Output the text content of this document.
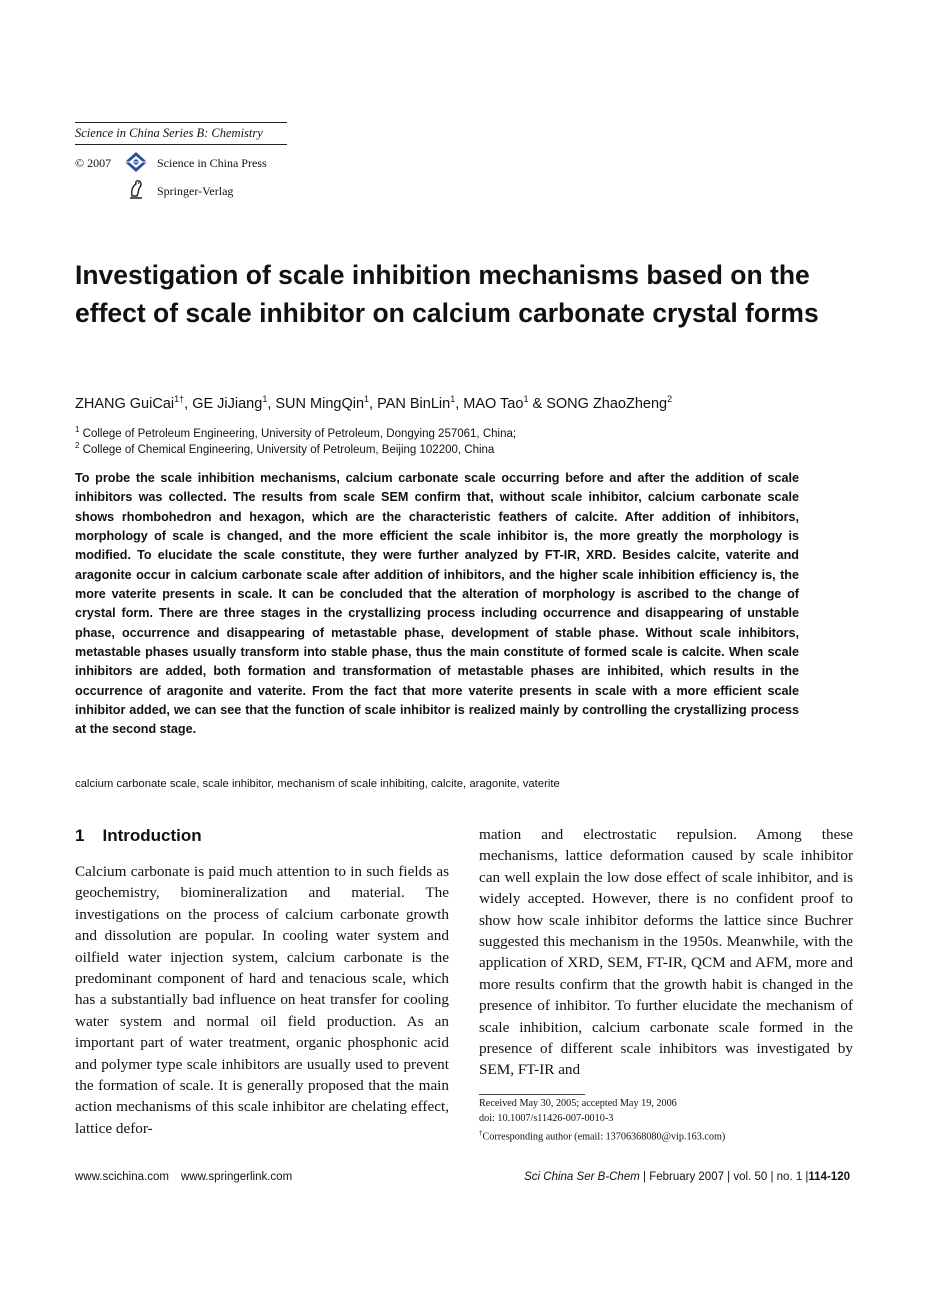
Science in China Series B: Chemistry
© 2007	Science in China Press
Springer-Verlag
Investigation of scale inhibition mechanisms based on the effect of scale inhibitor on calcium carbonate crystal forms
ZHANG GuiCai$^{1\dagger}$, GE JiJiang$^1$, SUN MingQin$^1$, PAN BinLin$^1$, MAO Tao$^1$ & SONG ZhaoZheng$^2$
$^1$ College of Petroleum Engineering, University of Petroleum, Dongying 257061, China;
$^2$ College of Chemical Engineering, University of Petroleum, Beijing 102200, China

To probe the scale inhibition mechanisms, calcium carbonate scale occurring before and after the addition of scale inhibitors was collected. The results from scale SEM confirm that, without scale inhibitor, calcium carbonate scale shows rhombohedron and hexagon, which are the characteristic feathers of calcite. After addition of inhibitors, morphology of scale is changed, and the more efficient the scale inhibitor is, the more greatly the morphology is modified. To elucidate the scale constitute, they were further analyzed by FT-IR, XRD. Besides calcite, vaterite and aragonite occur in calcium carbonate scale after addition of inhibitors, and the higher scale inhibition efficiency is, the more vaterite presents in scale. It can be concluded that the alteration of morphology is ascribed to the change of crystal form. There are three stages in the crystallizing process including occurrence and disappearing of unstable phase, occurrence and disappearing of metastable phase, development of stable phase. Without scale inhibitors, metastable phases usually transform into stable phase, thus the main constitute of formed scale is calcite. When scale inhibitors are added, both formation and transformation of metastable phases are inhibited, which results in the occurrence of aragonite and vaterite. From the fact that more vaterite presents in scale with a more efficient scale inhibitor added, we can see that the function of scale inhibitor is realized mainly by controlling the crystallizing process at the second stage.

calcium carbonate scale, scale inhibitor, mechanism of scale inhibiting, calcite, aragonite, vaterite
1 Introduction

Calcium carbonate is paid much attention to in such fields as geochemistry, biomineralization and material. The investigations on the process of calcium carbonate growth and dissolution are popular. In cooling water system and oilfield water injection system, calcium carbonate is the predominant component of hard and tenacious scale, which has a substantially bad influence on heat transfer for cooling water system and normal oil field production. As an important part of water treatment, organic phosphonic acid and polymer type scale inhibitors are usually used to prevent the formation of scale. It is generally proposed that the main action mechanisms of this scale inhibitor are chelating effect, lattice defor-

mation and electrostatic repulsion. Among these mechanisms, lattice deformation caused by scale inhibitor can well explain the low dose effect of scale inhibitor, and is widely accepted. However, there is no confident proof to show how scale inhibitor deforms the lattice since Buchrer suggested this mechanism in the 1950s. Meanwhile, with the application of XRD, SEM, FT-IR, QCM and AFM, more and more results confirm that the growth habit is changed in the presence of inhibitor. To further elucidate the mechanism of scale inhibition, calcium carbonate scale formed in the presence of different scale inhibitors was investigated by SEM, FT-IR and

Received May 30, 2005; accepted May 19, 2006
doi: 10.1007/s11426-007-0010-3
†Corresponding author (email: 13706368080@vip.163.com)
www.scichina.com www.springerlink.com	Sci China Ser B-Chem | February 2007 | vol. 50 | no. 1 |114-120
